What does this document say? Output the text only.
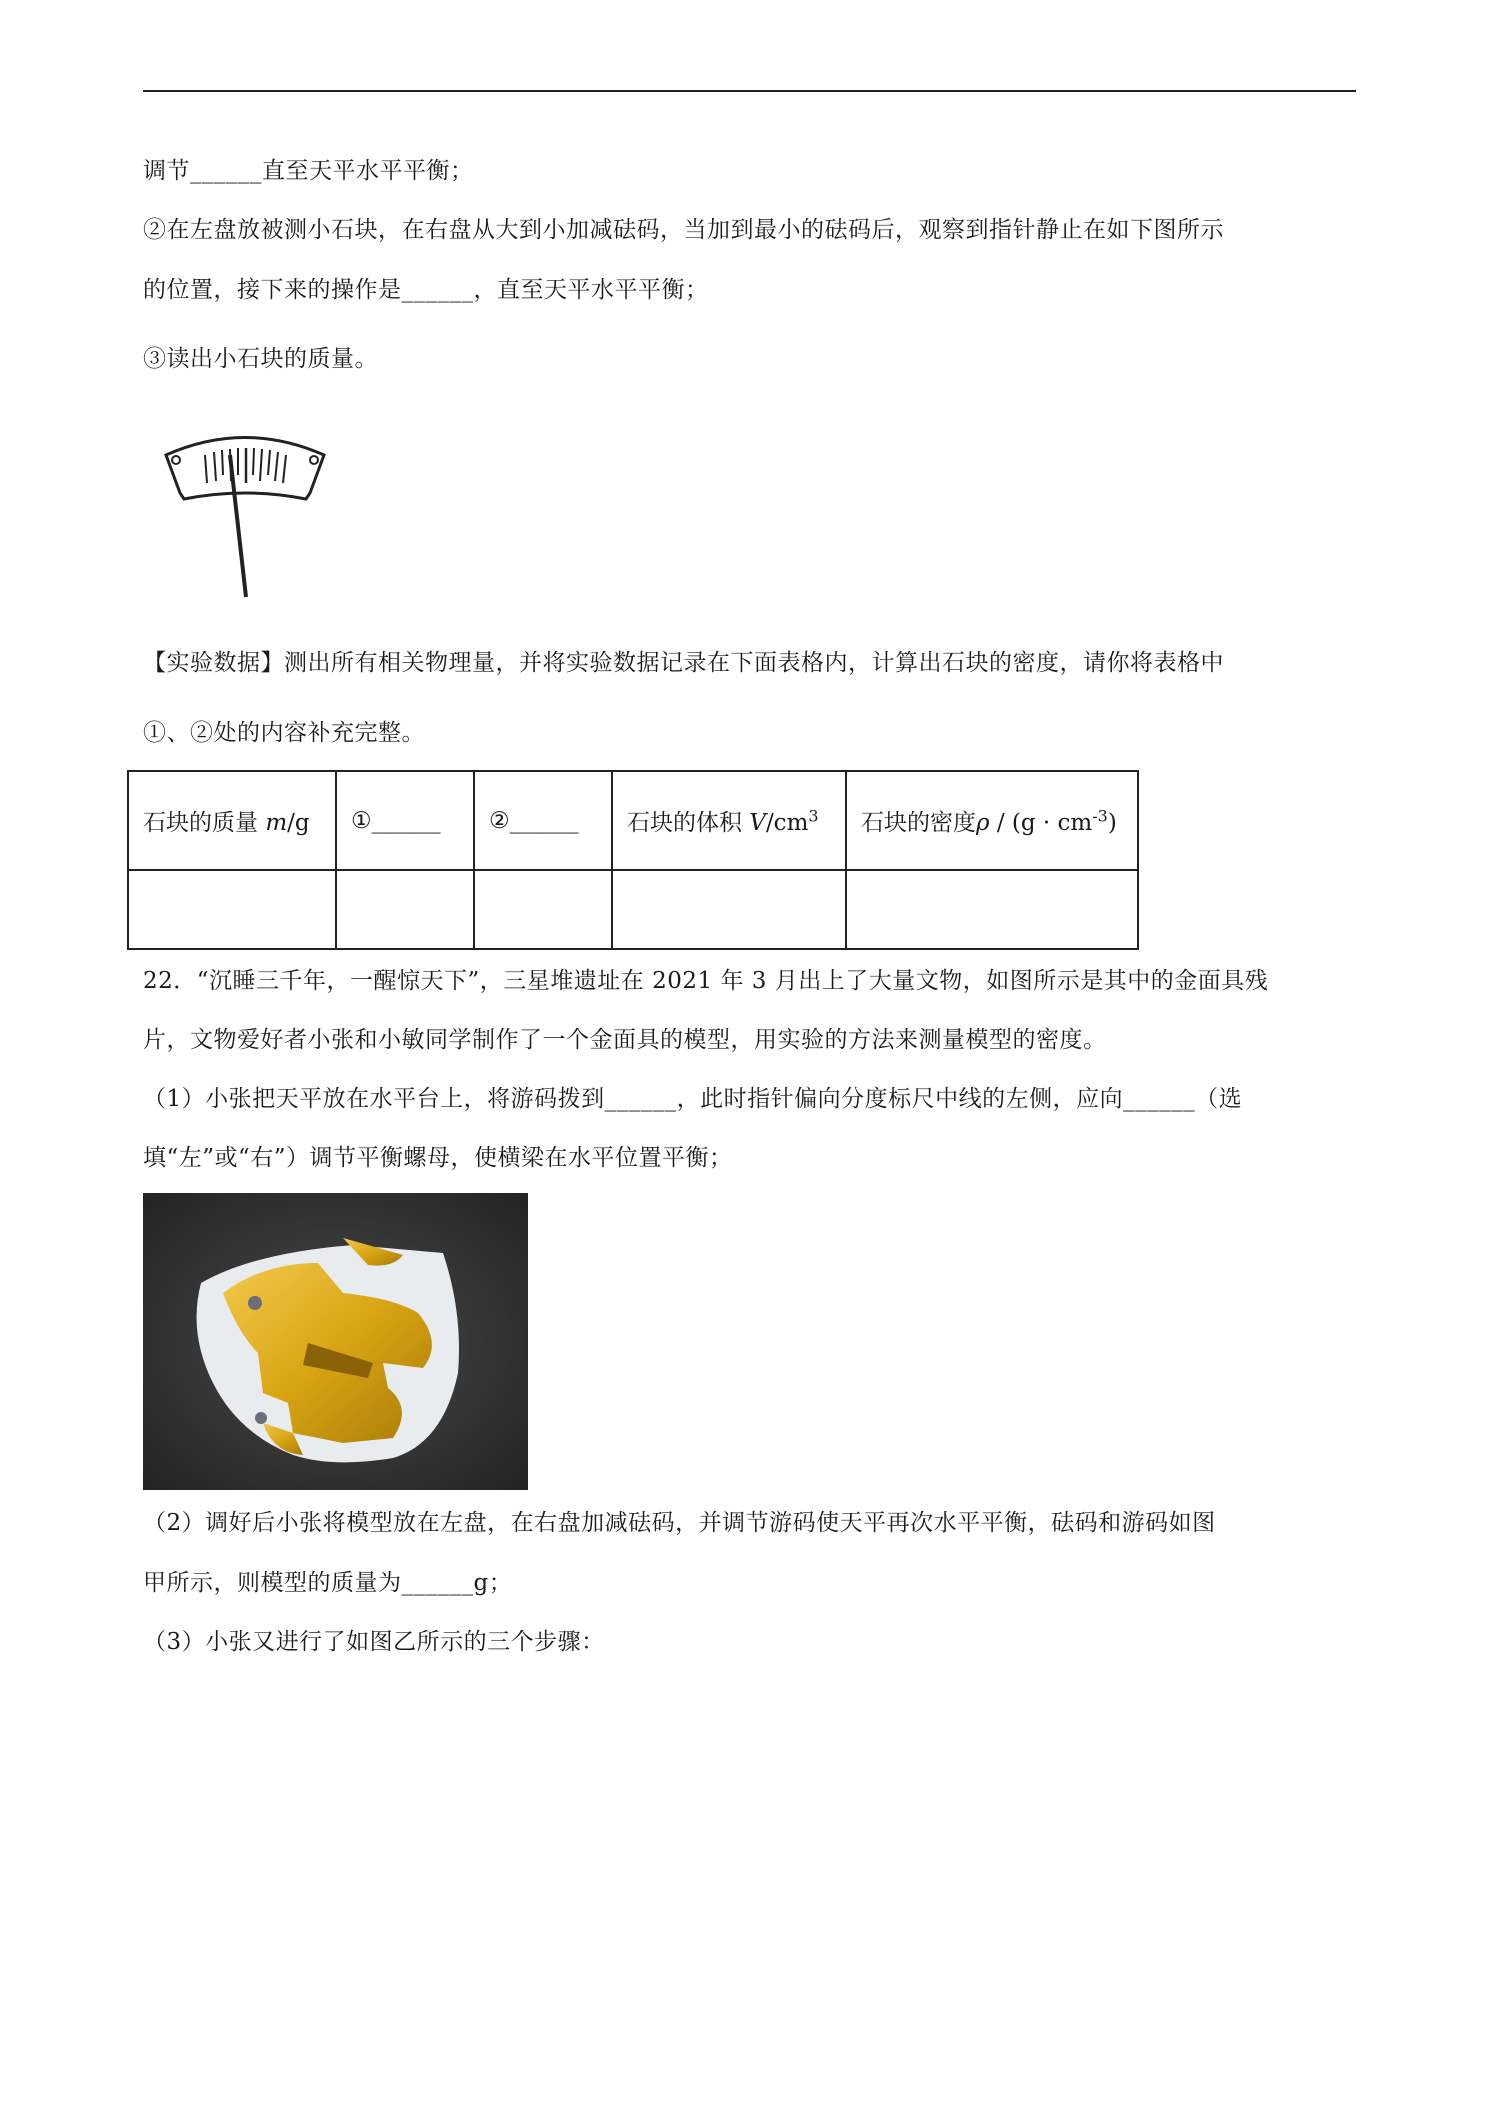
调节______直至天平水平平衡；
②在左盘放被测小石块，在右盘从大到小加减砝码，当加到最小的砝码后，观察到指针静止在如下图所示
的位置，接下来的操作是______，直至天平水平平衡；
③读出小石块的质量。
【实验数据】测出所有相关物理量，并将实验数据记录在下面表格内，计算出石块的密度，请你将表格中
①、②处的内容补充完整。
石块的质量 m/g	①______	②______	石块的体积 $V/cm^3$	石块的密度$\rho / (g \cdot cm^{-3})$

22．“沉睡三千年，一醒惊天下”，三星堆遗址在 2021 年 3 月出上了大量文物，如图所示是其中的金面具残
片，文物爱好者小张和小敏同学制作了一个金面具的模型，用实验的方法来测量模型的密度。
（1）小张把天平放在水平台上，将游码拨到______，此时指针偏向分度标尺中线的左侧，应向______（选
填“左”或“右”）调节平衡螺母，使横梁在水平位置平衡；
（2）调好后小张将模型放在左盘，在右盘加减砝码，并调节游码使天平再次水平平衡，砝码和游码如图
甲所示，则模型的质量为______g；
（3）小张又进行了如图乙所示的三个步骤：
